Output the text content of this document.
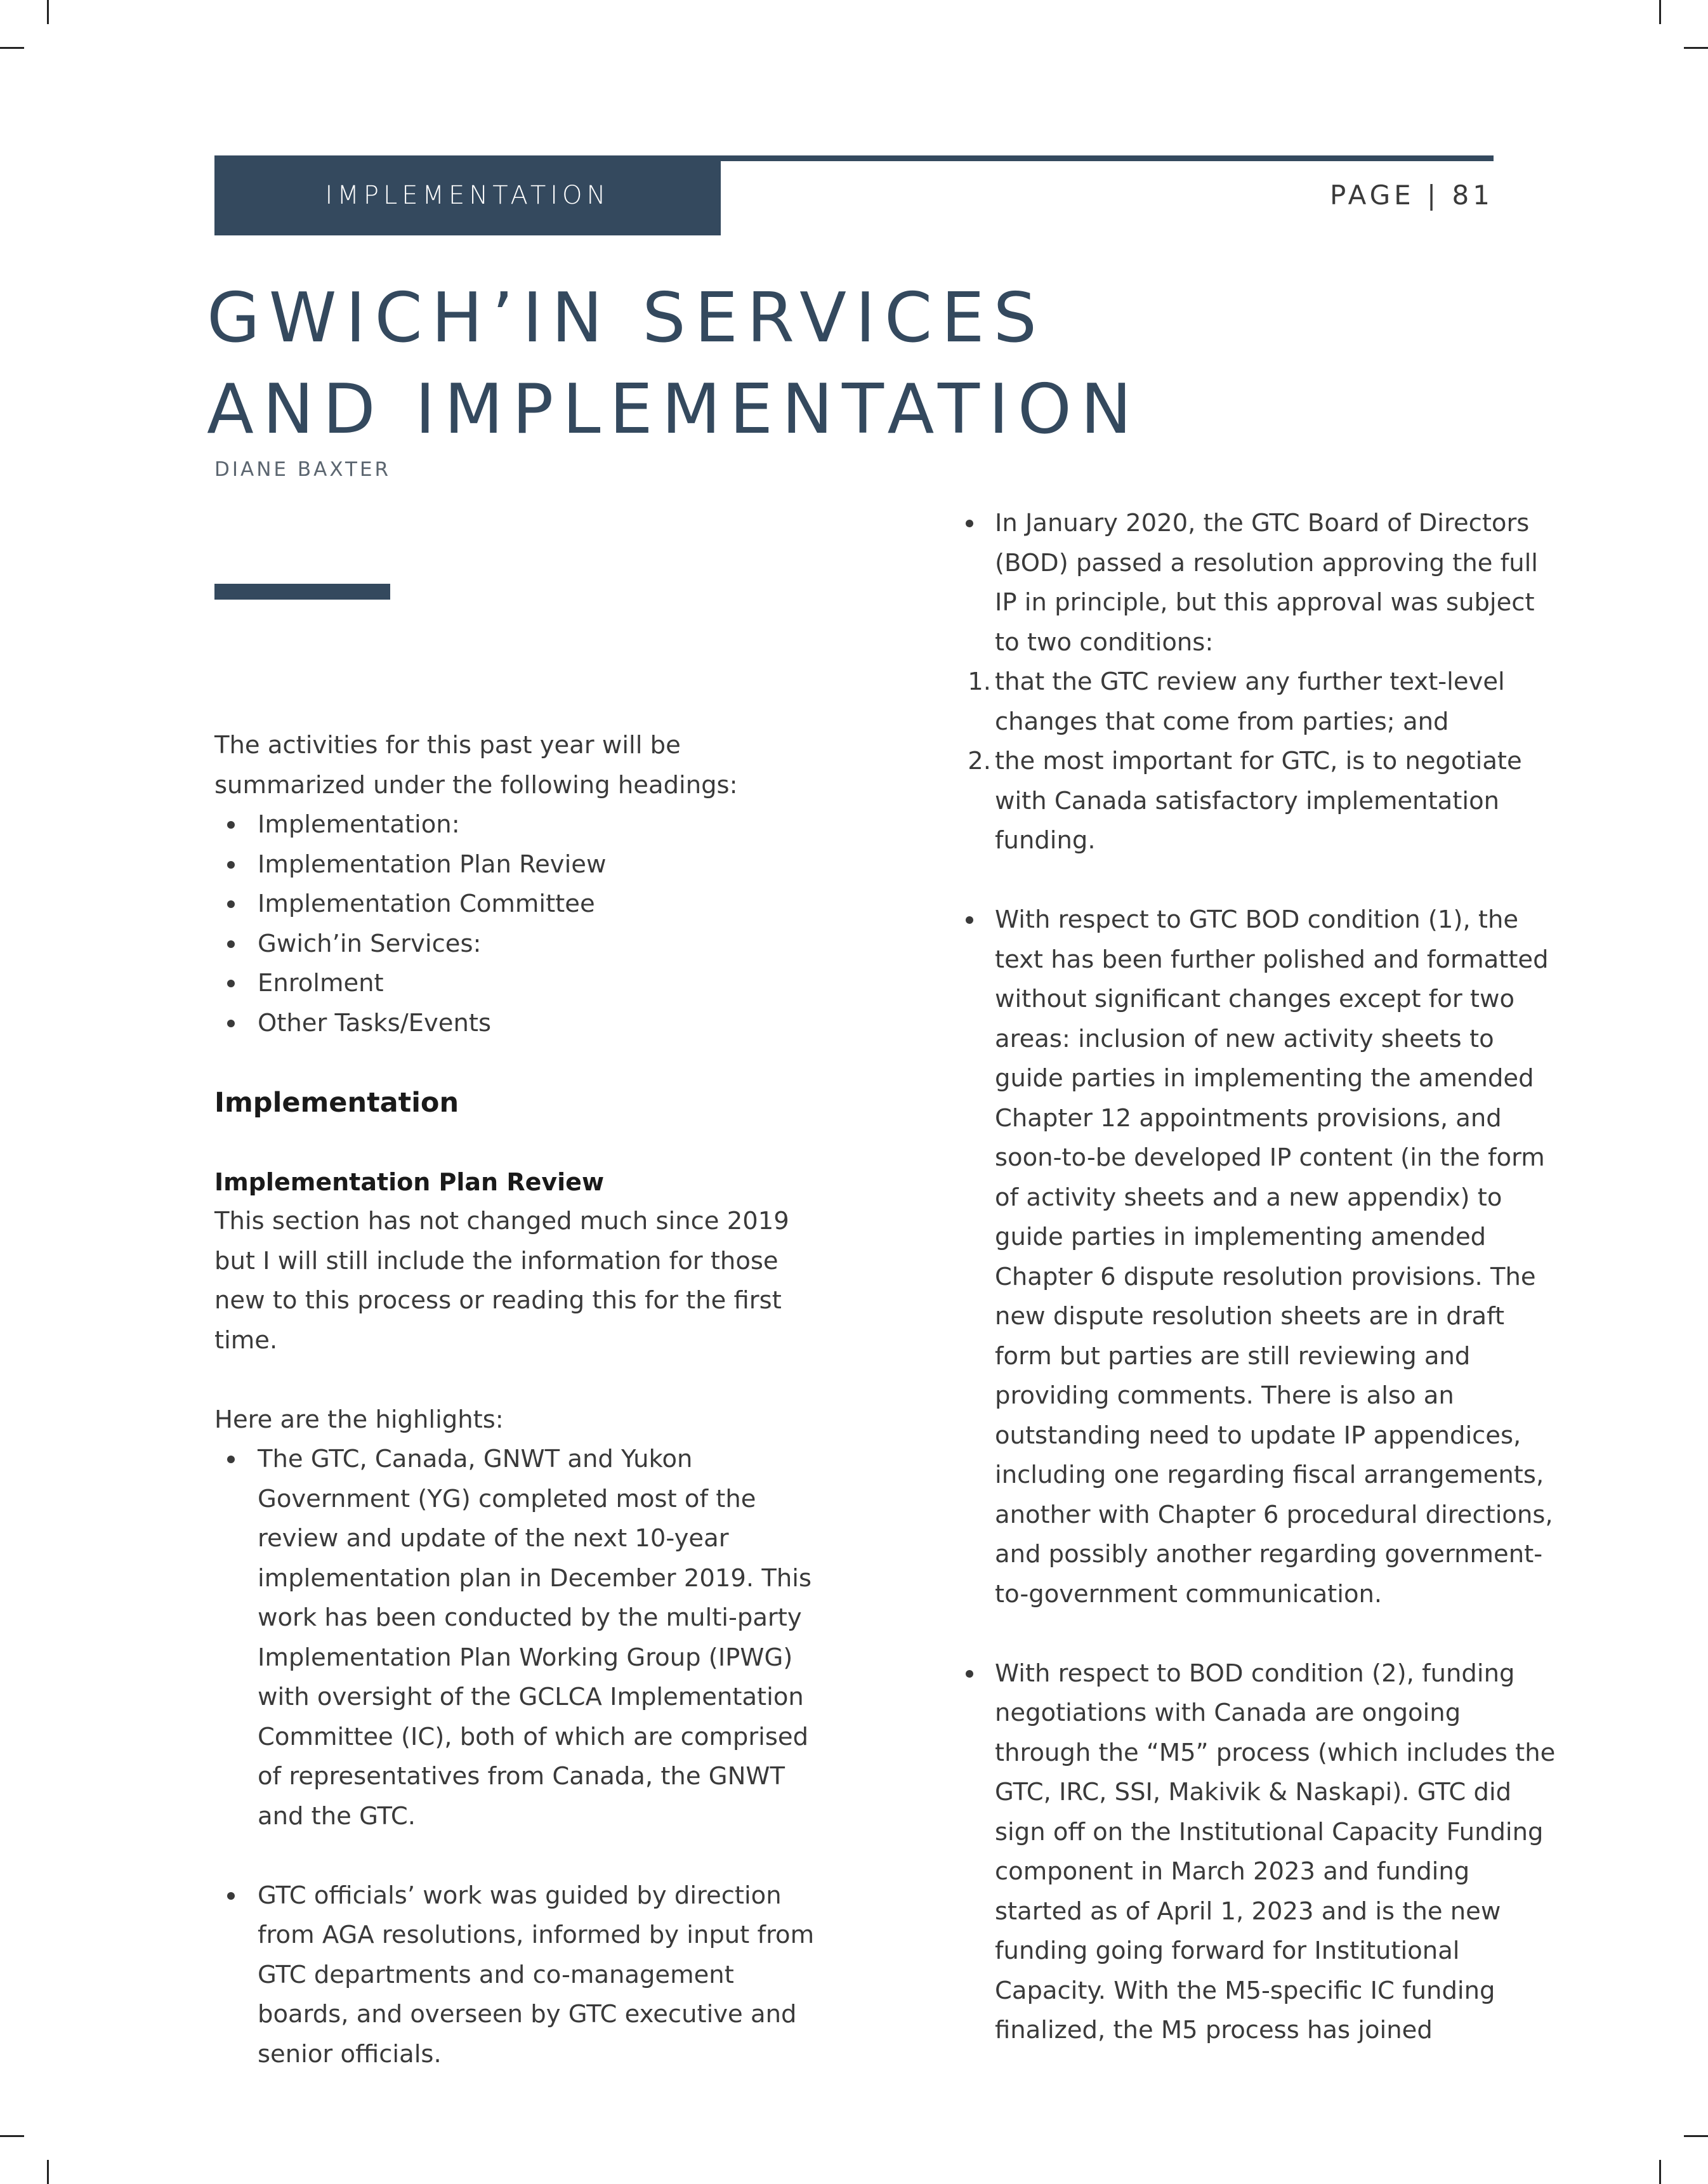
IMPLEMENTATION	PAGE | 81
GWICH’IN SERVICES
AND IMPLEMENTATION
DIANE BAXTER

The activities for this past year will be summarized under the following headings:

Implementation:
Implementation Plan Review
Implementation Committee
Gwich’in Services:
Enrolment
Other Tasks/Events
Implementation
Implementation Plan Review

This section has not changed much since 2019 but I will still include the information for those new to this process or reading this for the first time.

Here are the highlights:

The GTC, Canada, GNWT and Yukon Government (YG) completed most of the review and update of the next 10-year implementation plan in December 2019. This work has been conducted by the multi-party Implementation Plan Working Group (IPWG) with oversight of the GCLCA Implementation Committee (IC), both of which are comprised of representatives from Canada, the GNWT and the GTC.
GTC officials’ work was guided by direction from AGA resolutions, informed by input from GTC departments and co-management boards, and overseen by GTC executive and senior officials.
In January 2020, the GTC Board of Directors (BOD) passed a resolution approving the full IP in principle, but this approval was subject to two conditions:
1. that the GTC review any further text-level changes that come from parties; and
2. the most important for GTC, is to negotiate with Canada satisfactory implementation funding.
With respect to GTC BOD condition (1), the text has been further polished and formatted without significant changes except for two areas: inclusion of new activity sheets to guide parties in implementing the amended Chapter 12 appointments provisions, and soon-to-be developed IP content (in the form of activity sheets and a new appendix) to guide parties in implementing amended Chapter 6 dispute resolution provisions. The new dispute resolution sheets are in draft form but parties are still reviewing and providing comments. There is also an outstanding need to update IP appendices, including one regarding fiscal arrangements, another with Chapter 6 procedural directions, and possibly another regarding government-to-government communication.
With respect to BOD condition (2), funding negotiations with Canada are ongoing through the “M5” process (which includes the GTC, IRC, SSI, Makivik & Naskapi). GTC did sign off on the Institutional Capacity Funding component in March 2023 and funding started as of April 1, 2023 and is the new funding going forward for Institutional Capacity. With the M5-specific IC funding finalized, the M5 process has joined
